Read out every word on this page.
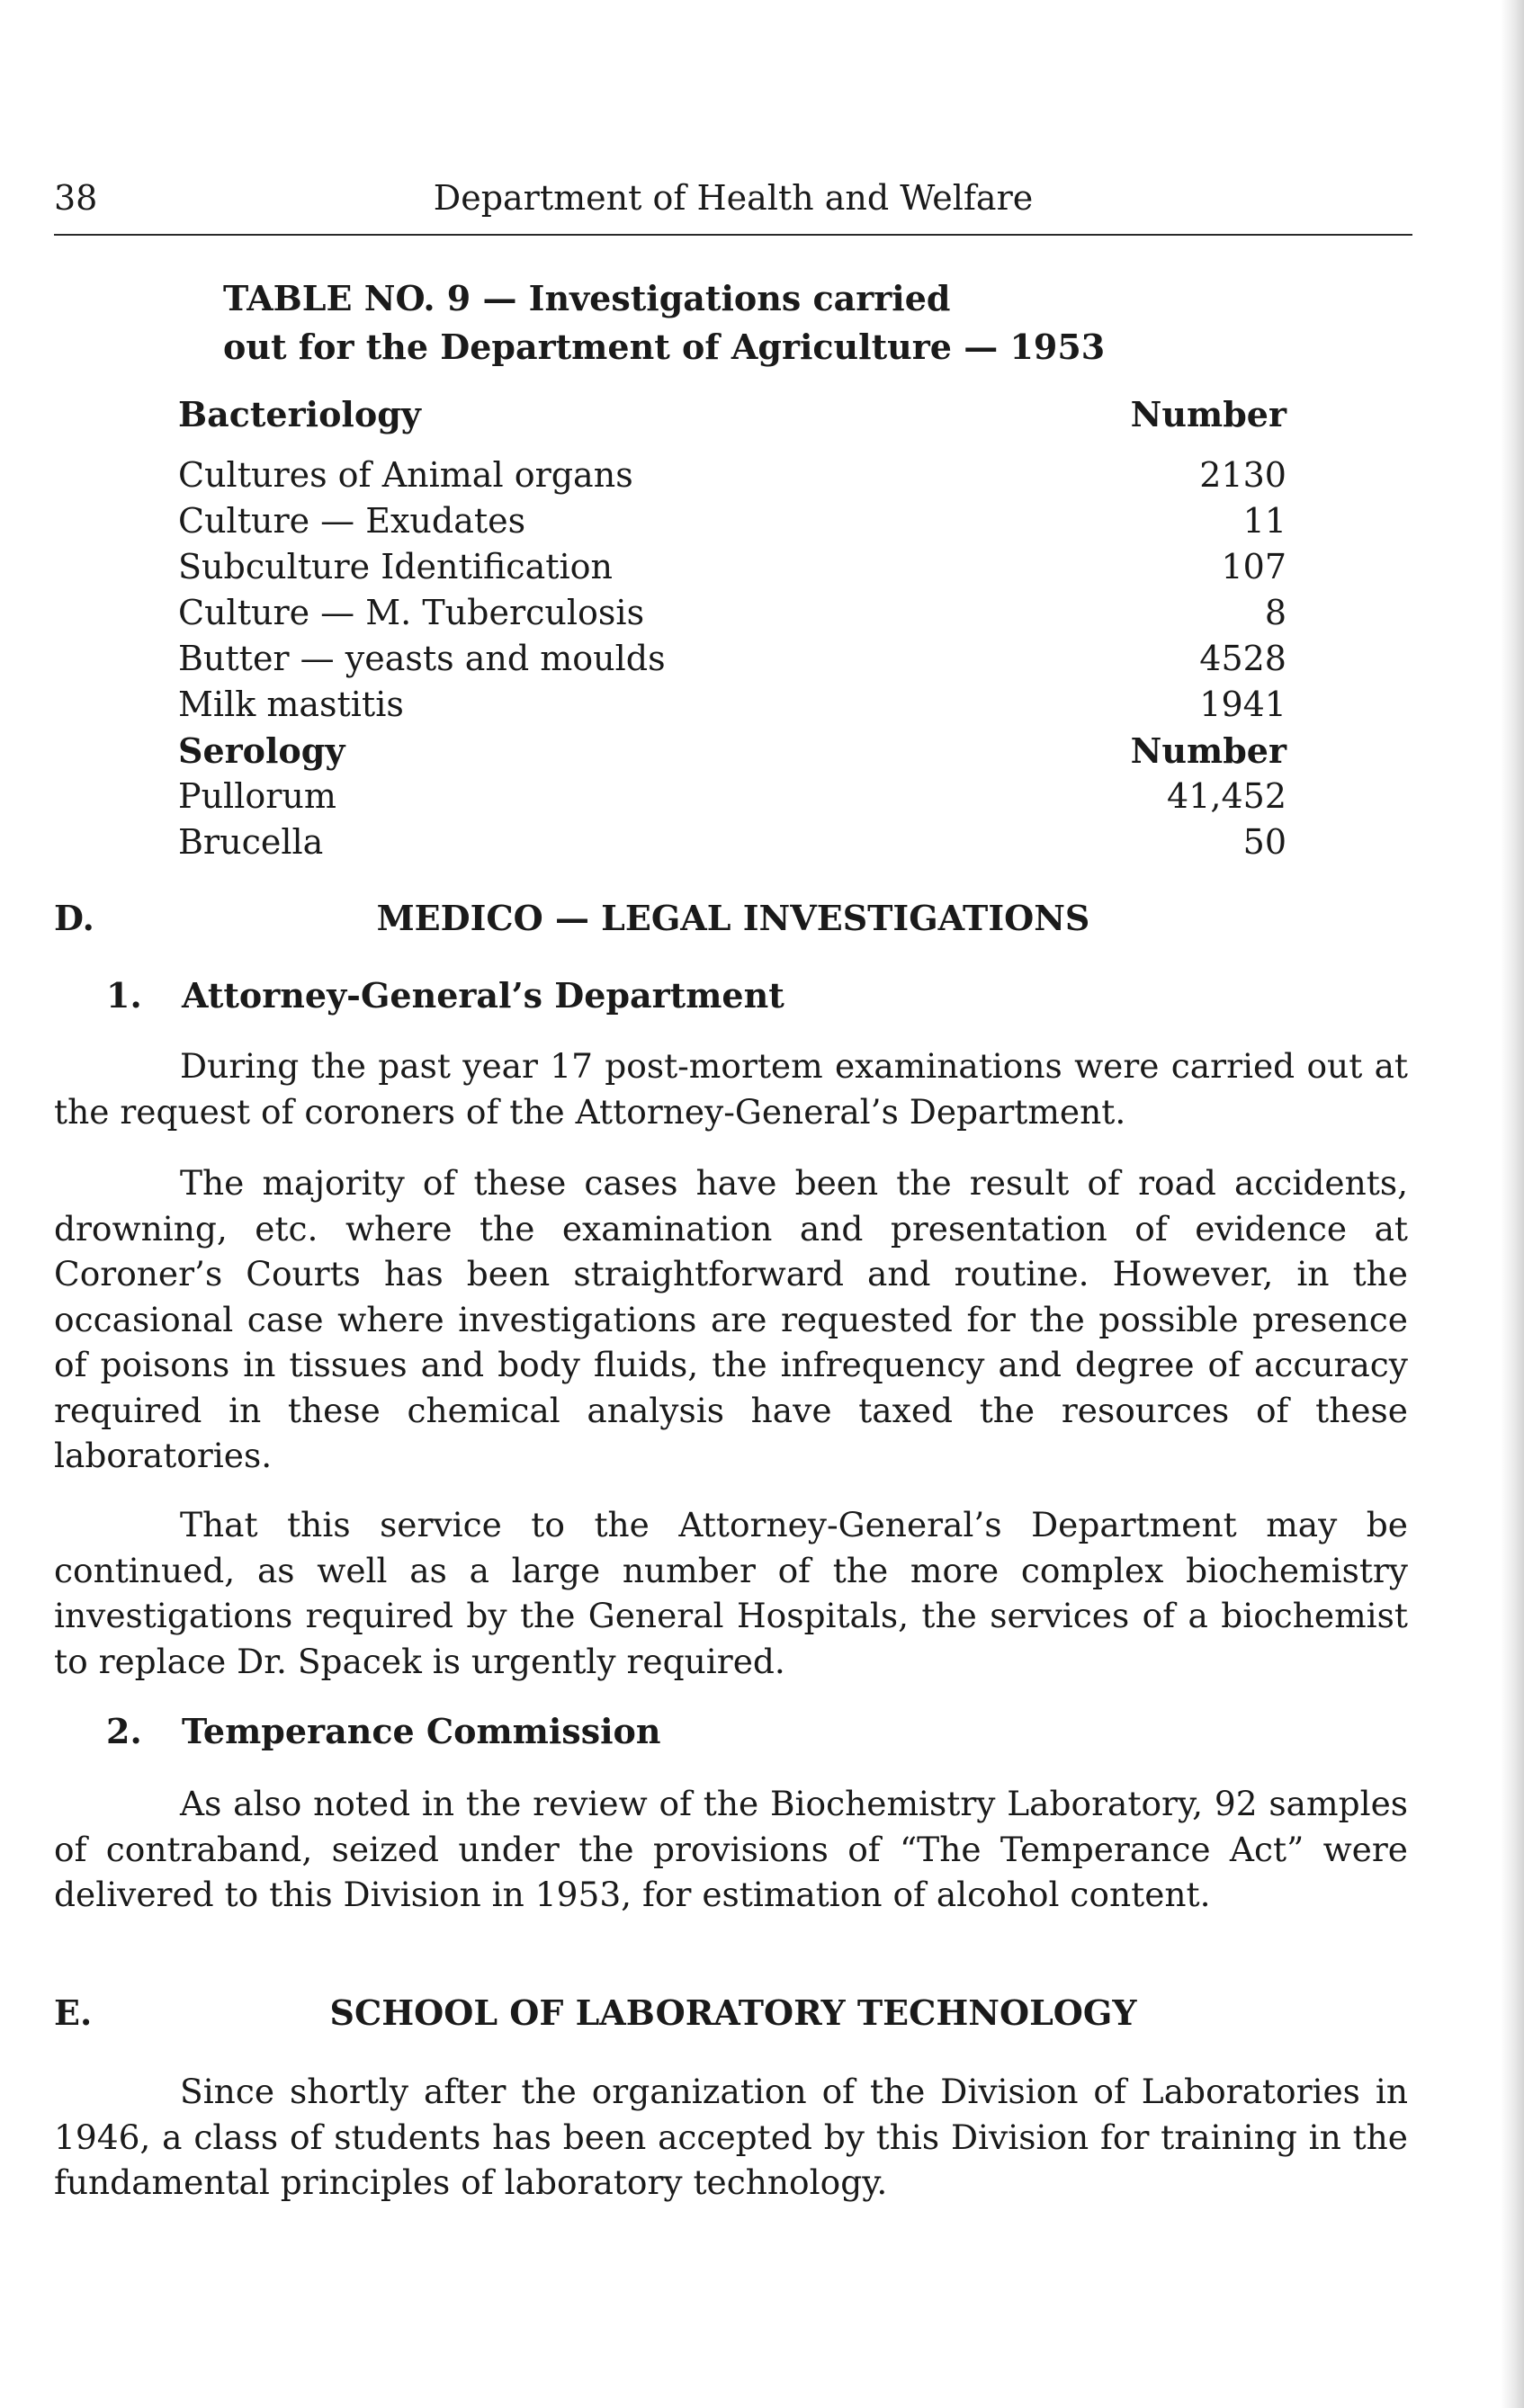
38	Department of Health and Welfare
TABLE NO. 9 — Investigations carried
out for the Department of Agriculture — 1953
Bacteriology	Number
Cultures of Animal organs	2130
Culture — Exudates	11
Subculture Identification	107
Culture — M. Tuberculosis	8
Butter — yeasts and moulds	4528
Milk mastitis	1941
Serology	Number
Pullorum	41,452
Brucella	50
D.	MEDICO — LEGAL INVESTIGATIONS
1. Attorney-General’s Department

During the past year 17 post-mortem examinations were carried out at the request of coroners of the Attorney-General’s Department.

The majority of these cases have been the result of road accidents, drowning, etc. where the examination and presentation of evidence at Coroner’s Courts has been straightforward and routine. However, in the occasional case where investigations are requested for the possible presence of poisons in tissues and body fluids, the infrequency and degree of accuracy required in these chemical analysis have taxed the resources of these laboratories.

That this service to the Attorney-General’s Department may be continued, as well as a large number of the more complex biochemistry investigations required by the General Hospitals, the services of a biochemist to replace Dr. Spacek is urgently required.

2. Temperance Commission

As also noted in the review of the Biochemistry Laboratory, 92 samples of contraband, seized under the provisions of “The Temperance Act” were delivered to this Division in 1953, for estimation of alcohol content.

E.	SCHOOL OF LABORATORY TECHNOLOGY

Since shortly after the organization of the Division of Laboratories in 1946, a class of students has been accepted by this Division for training in the fundamental principles of laboratory technology.
